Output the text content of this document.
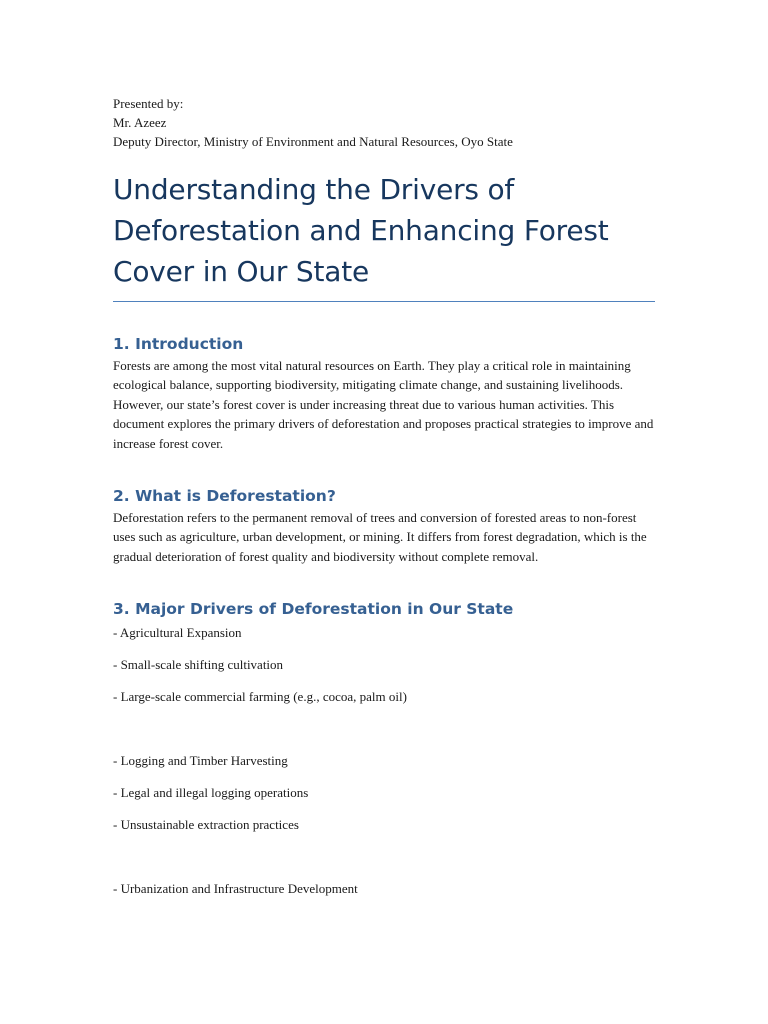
Presented by:
Mr. Azeez
Deputy Director, Ministry of Environment and Natural Resources, Oyo State
Understanding the Drivers of
Deforestation and Enhancing Forest
Cover in Our State
1. Introduction

Forests are among the most vital natural resources on Earth. They play a critical role in maintaining ecological balance, supporting biodiversity, mitigating climate change, and sustaining livelihoods. However, our state’s forest cover is under increasing threat due to various human activities. This document explores the primary drivers of deforestation and proposes practical strategies to improve and increase forest cover.

2. What is Deforestation?

Deforestation refers to the permanent removal of trees and conversion of forested areas to non-forest uses such as agriculture, urban development, or mining. It differs from forest degradation, which is the gradual deterioration of forest quality and biodiversity without complete removal.

3. Major Drivers of Deforestation in Our State
- Agricultural Expansion
- Small-scale shifting cultivation
- Large-scale commercial farming (e.g., cocoa, palm oil)
- Logging and Timber Harvesting
- Legal and illegal logging operations
- Unsustainable extraction practices
- Urbanization and Infrastructure Development
